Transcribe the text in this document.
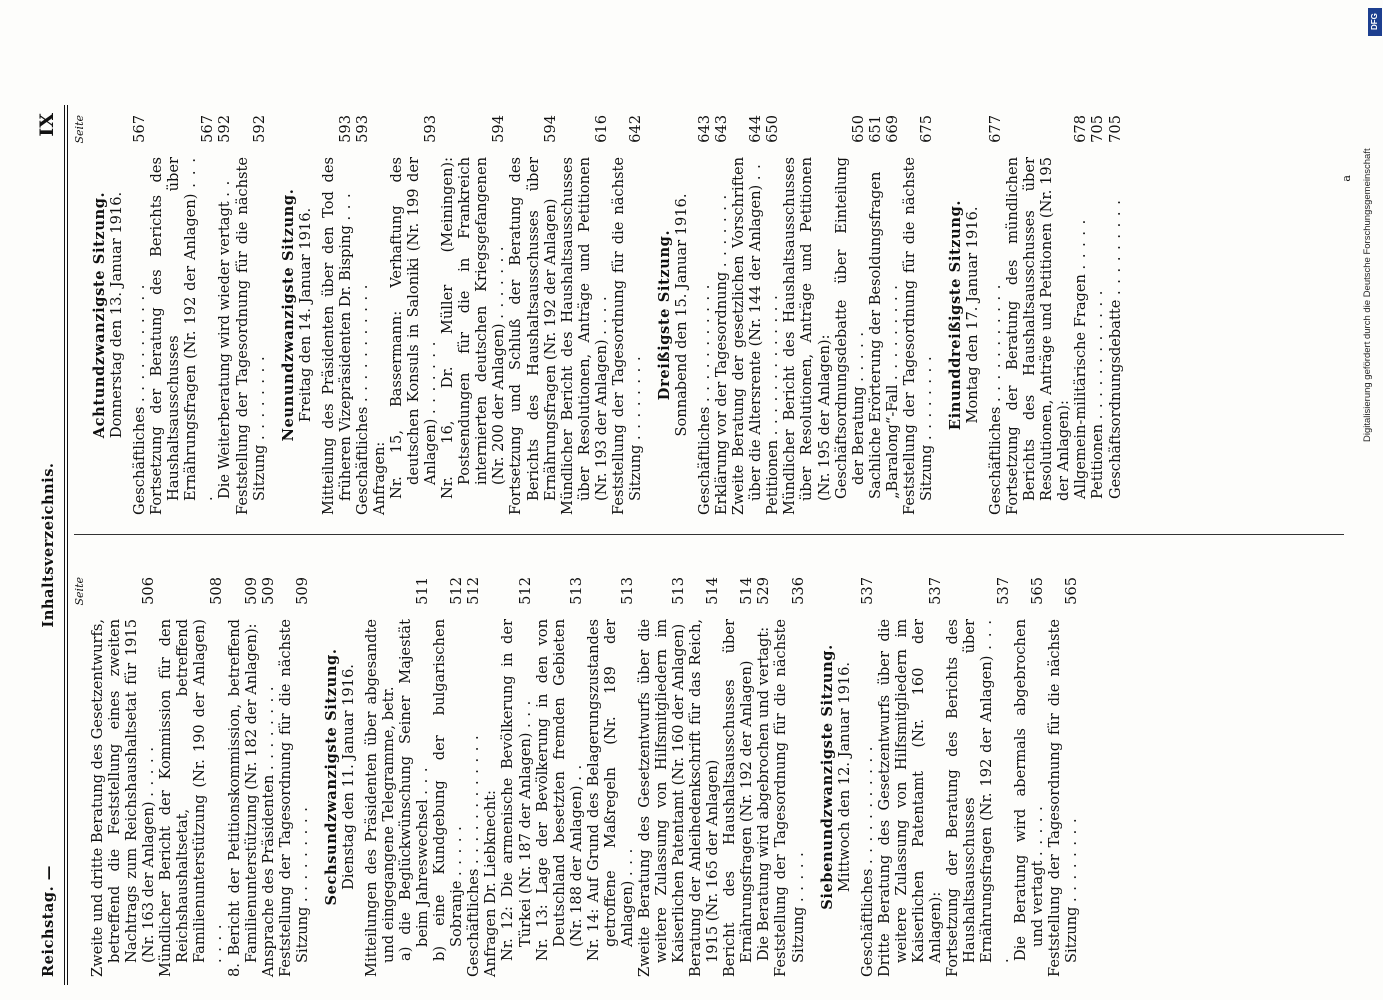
Reichstag. —
Inhaltsverzeichnis.
IX
Seite
Zweite und dritte Beratung des Gesetzentwurfs, betreffend die Feststellung eines zweiten Nachtrags zum Reichshaushaltsetat für 1915 (Nr. 163 der Anlagen) . . . . .
506
Mündlicher Bericht der Kommission für den Reichshaushaltsetat, betreffend Familienunterstützung (Nr. 190 der Anlagen) . . . .
508
8. Bericht der Petitionskommission, betreffend Familienunterstützung (Nr. 182 der Anlagen):
509
Ansprache des Präsidenten . . . . . . . .
509
Feststellung der Tagesordnung für die nächste Sitzung . . . . . . . . .
509
Sechsundzwanzigste Sitzung. Dienstag den 11. Januar 1916. Mitteilungen des Präsidenten über abgesandte und eingegangene Telegramme, betr. a) die Beglückwünschung Seiner Majestät beim Jahreswechsel . . .
511
b) eine Kundgebung der bulgarischen Sobranje . . . . .
512
Geschäftliches . . . . . . . . . . . .
512
Anfragen Dr. Liebknecht: Nr. 12: Die armenische Bevölkerung in der Türkei (Nr. 187 der Anlagen) . . .
512
Nr. 13: Lage der Bevölkerung in den von Deutschland besetzten fremden Gebieten (Nr. 188 der Anlagen) . .
513
Nr. 14: Auf Grund des Belagerungszustandes getroffene Maßregeln (Nr. 189 der Anlagen) . . .
513
Zweite Beratung des Gesetzentwurfs über die weitere Zulassung von Hilfsmitgliedern im Kaiserlichen Patentamt (Nr. 160 der Anlagen)
513
Beratung der Anleihedenkschrift für das Reich, 1915 (Nr. 165 der Anlagen)
514
Bericht des Haushaltsausschusses über Ernährungsfragen (Nr. 192 der Anlagen)
514
Die Beratung wird abgebrochen und vertagt:
529
Feststellung der Tagesordnung für die nächste Sitzung . . . . .
536
Siebenundzwanzigste Sitzung. Mittwoch den 12. Januar 1916.
Geschäftliches . . . . . . . . . . .
537
Dritte Beratung des Gesetzentwurfs über die weitere Zulassung von Hilfsmitgliedern im Kaiserlichen Patentamt (Nr. 160 der Anlagen):
537
Fortsetzung der Beratung des Berichts des Haushaltsausschusses über Ernährungsfragen (Nr. 192 der Anlagen) . . . .
537
Die Beratung wird abermals abgebrochen und vertagt . . . . .
565
Feststellung der Tagesordnung für die nächste Sitzung . . . . . . . .
565
Seite
Achtundzwanzigste Sitzung. Donnerstag den 13. Januar 1916.
Geschäftliches . . . . . . . . . . .
567
Fortsetzung der Beratung des Berichts des Haushaltsausschusses über Ernährungsfragen (Nr. 192 der Anlagen) . . . .
567
Die Weiterberatung wird wieder vertagt . .
592
Feststellung der Tagesordnung für die nächste Sitzung . . . . . . . .
592
Neunundzwanzigste Sitzung. Freitag den 14. Januar 1916. Mitteilung des Präsidenten über den Tod des früheren Vizepräsidenten Dr. Bisping . . .
593
Geschäftliches . . . . . . . . . . .
593
Anfragen: Nr. 15, Bassermann: Verhaftung des deutschen Konsuls in Saloniki (Nr. 199 der Anlagen) . . . . . . .
593
Nr. 16, Dr. Müller (Meiningen): Postsendungen für die in Frankreich internierten deutschen Kriegsgefangenen (Nr. 200 der Anlagen) . . . . . . .
594
Fortsetzung und Schluß der Beratung des Berichts des Haushaltsausschusses über Ernährungsfragen (Nr. 192 der Anlagen)
594
Mündlicher Bericht des Haushaltsausschusses über Resolutionen, Anträge und Petitionen (Nr. 193 der Anlagen) . . . .
616
Feststellung der Tagesordnung für die nächste Sitzung . . . . . . . .
642
Dreißigste Sitzung. Sonnabend den 15. Januar 1916.
Geschäftliches . . . . . . . . . . .
643
Erklärung vor der Tagesordnung . . . . . . .
643
Zweite Beratung der gesetzlichen Vorschriften über die Altersrente (Nr. 144 der Anlagen) . .
644
Petitionen . . . . . . . . . . . . .
650
Mündlicher Bericht des Haushaltsausschusses über Resolutionen, Anträge und Petitionen (Nr. 195 der Anlagen): Geschäftsordnungsdebatte über Einteilung der Beratung . . . . .
650
Sachliche Erörterung der Besoldungsfragen
651
„Baralong“-Fall . . . . . . . . .
669
Feststellung der Tagesordnung für die nächste Sitzung . . . . . . . .
675
Einunddreißigste Sitzung. Montag den 17. Januar 1916.
Geschäftliches . . . . . . . . . . .
677
Fortsetzung der Beratung des mündlichen Berichts des Haushaltsausschusses über Resolutionen, Anträge und Petitionen (Nr. 195 der Anlagen): Allgemein-militärische Fragen . . . . .
678
Petitionen . . . . . . . . . . . .
705
Geschäftsordnungsdebatte . . . . . . . . .
705
a
DFG
Digitalisierung gefördert durch die Deutsche Forschungsgemeinschaft
